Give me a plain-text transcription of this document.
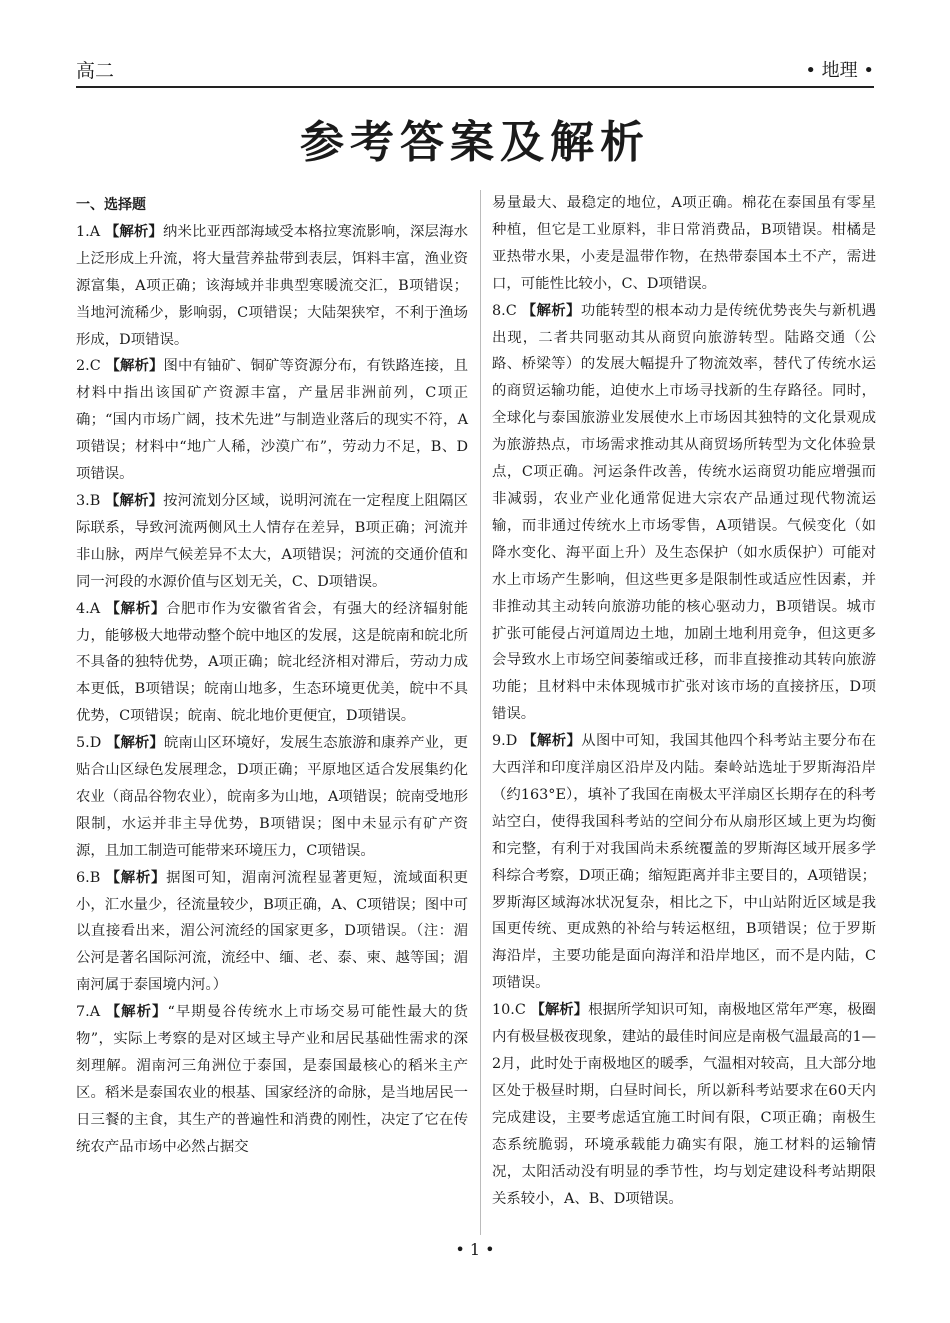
高二	• 地理 •
参考答案及解析
一、选择题

1.A 【解析】纳米比亚西部海域受本格拉寒流影响，深层海水上泛形成上升流，将大量营养盐带到表层，饵料丰富，渔业资源富集，A项正确；该海域并非典型寒暖流交汇，B项错误；当地河流稀少，影响弱，C项错误；大陆架狭窄，不利于渔场形成，D项错误。

2.C 【解析】图中有铀矿、铜矿等资源分布，有铁路连接，且材料中指出该国矿产资源丰富，产量居非洲前列，C项正确；“国内市场广阔，技术先进”与制造业落后的现实不符，A项错误；材料中“地广人稀，沙漠广布”，劳动力不足，B、D项错误。

3.B 【解析】按河流划分区域，说明河流在一定程度上阻隔区际联系，导致河流两侧风土人情存在差异，B项正确；河流并非山脉，两岸气候差异不太大，A项错误；河流的交通价值和同一河段的水源价值与区划无关，C、D项错误。

4.A 【解析】合肥市作为安徽省省会，有强大的经济辐射能力，能够极大地带动整个皖中地区的发展，这是皖南和皖北所不具备的独特优势，A项正确；皖北经济相对滞后，劳动力成本更低，B项错误；皖南山地多，生态环境更优美，皖中不具优势，C项错误；皖南、皖北地价更便宜，D项错误。

5.D 【解析】皖南山区环境好，发展生态旅游和康养产业，更贴合山区绿色发展理念，D项正确；平原地区适合发展集约化农业（商品谷物农业），皖南多为山地，A项错误；皖南受地形限制，水运并非主导优势，B项错误；图中未显示有矿产资源，且加工制造可能带来环境压力，C项错误。

6.B 【解析】据图可知，湄南河流程显著更短，流域面积更小，汇水量少，径流量较少，B项正确，A、C项错误；图中可以直接看出来，湄公河流经的国家更多，D项错误。（注：湄公河是著名国际河流，流经中、缅、老、泰、柬、越等国；湄南河属于泰国境内河。）

7.A 【解析】“早期曼谷传统水上市场交易可能性最大的货物”，实际上考察的是对区域主导产业和居民基础性需求的深刻理解。湄南河三角洲位于泰国，是泰国最核心的稻米主产区。稻米是泰国农业的根基、国家经济的命脉，是当地居民一日三餐的主食，其生产的普遍性和消费的刚性，决定了它在传统农产品市场中必然占据交

易量最大、最稳定的地位，A项正确。棉花在泰国虽有零星种植，但它是工业原料，非日常消费品，B项错误。柑橘是亚热带水果，小麦是温带作物，在热带泰国本土不产，需进口，可能性比较小，C、D项错误。

8.C 【解析】功能转型的根本动力是传统优势丧失与新机遇出现，二者共同驱动其从商贸向旅游转型。陆路交通（公路、桥梁等）的发展大幅提升了物流效率，替代了传统水运的商贸运输功能，迫使水上市场寻找新的生存路径。同时，全球化与泰国旅游业发展使水上市场因其独特的文化景观成为旅游热点，市场需求推动其从商贸场所转型为文化体验景点，C项正确。河运条件改善，传统水运商贸功能应增强而非减弱，农业产业化通常促进大宗农产品通过现代物流运输，而非通过传统水上市场零售，A项错误。气候变化（如降水变化、海平面上升）及生态保护（如水质保护）可能对水上市场产生影响，但这些更多是限制性或适应性因素，并非推动其主动转向旅游功能的核心驱动力，B项错误。城市扩张可能侵占河道周边土地，加剧土地利用竞争，但这更多会导致水上市场空间萎缩或迁移，而非直接推动其转向旅游功能；且材料中未体现城市扩张对该市场的直接挤压，D项错误。

9.D 【解析】从图中可知，我国其他四个科考站主要分布在大西洋和印度洋扇区沿岸及内陆。秦岭站选址于罗斯海沿岸（约163°E），填补了我国在南极太平洋扇区长期存在的科考站空白，使得我国科考站的空间分布从扇形区域上更为均衡和完整，有利于对我国尚未系统覆盖的罗斯海区域开展多学科综合考察，D项正确；缩短距离并非主要目的，A项错误；罗斯海区域海冰状况复杂，相比之下，中山站附近区域是我国更传统、更成熟的补给与转运枢纽，B项错误；位于罗斯海沿岸，主要功能是面向海洋和沿岸地区，而不是内陆，C项错误。

10.C 【解析】根据所学知识可知，南极地区常年严寒，极圈内有极昼极夜现象，建站的最佳时间应是南极气温最高的1—2月，此时处于南极地区的暖季，气温相对较高，且大部分地区处于极昼时期，白昼时间长，所以新科考站要求在60天内完成建设，主要考虑适宜施工时间有限，C项正确；南极生态系统脆弱，环境承载能力确实有限，施工材料的运输情况，太阳活动没有明显的季节性，均与划定建设科考站期限关系较小，A、B、D项错误。

• 1 •
